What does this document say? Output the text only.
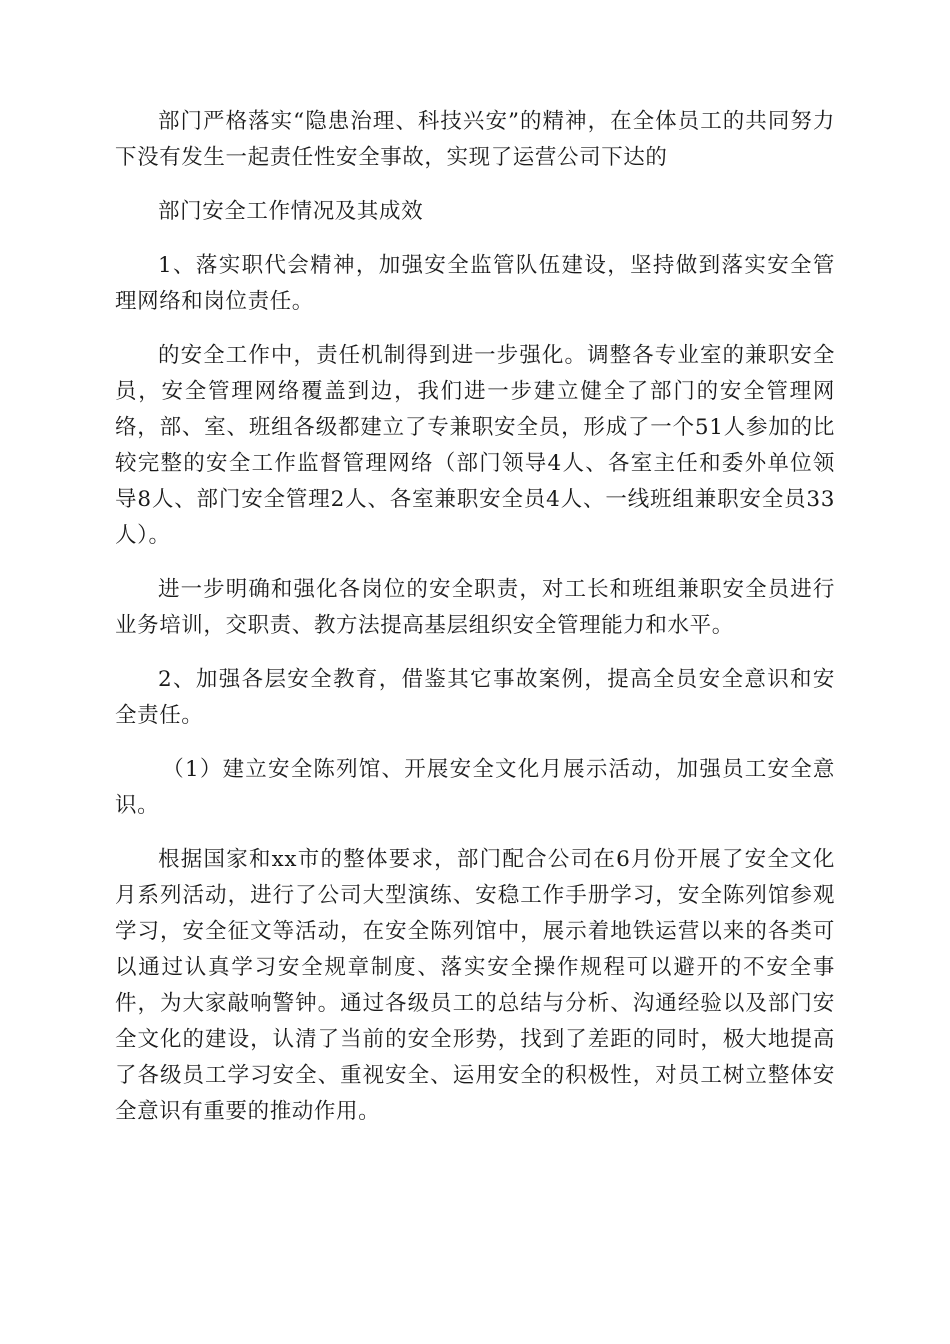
部门严格落实“隐患治理、科技兴安”的精神，在全体员工的共同努力下没有发生一起责任性安全事故，实现了运营公司下达的

部门安全工作情况及其成效

1、落实职代会精神，加强安全监管队伍建设，坚持做到落实安全管理网络和岗位责任。

的安全工作中，责任机制得到进一步强化。调整各专业室的兼职安全员，安全管理网络覆盖到边，我们进一步建立健全了部门的安全管理网络，部、室、班组各级都建立了专兼职安全员，形成了一个51人参加的比较完整的安全工作监督管理网络（部门领导4人、各室主任和委外单位领导8人、部门安全管理2人、各室兼职安全员4人、一线班组兼职安全员33人）。

进一步明确和强化各岗位的安全职责，对工长和班组兼职安全员进行业务培训，交职责、教方法提高基层组织安全管理能力和水平。

2、加强各层安全教育，借鉴其它事故案例，提高全员安全意识和安全责任。

（1）建立安全陈列馆、开展安全文化月展示活动，加强员工安全意识。

根据国家和xx市的整体要求，部门配合公司在6月份开展了安全文化月系列活动，进行了公司大型演练、安稳工作手册学习，安全陈列馆参观学习，安全征文等活动，在安全陈列馆中，展示着地铁运营以来的各类可以通过认真学习安全规章制度、落实安全操作规程可以避开的不安全事件，为大家敲响警钟。通过各级员工的总结与分析、沟通经验以及部门安全文化的建设，认清了当前的安全形势，找到了差距的同时，极大地提高了各级员工学习安全、重视安全、运用安全的积极性，对员工树立整体安全意识有重要的推动作用。
